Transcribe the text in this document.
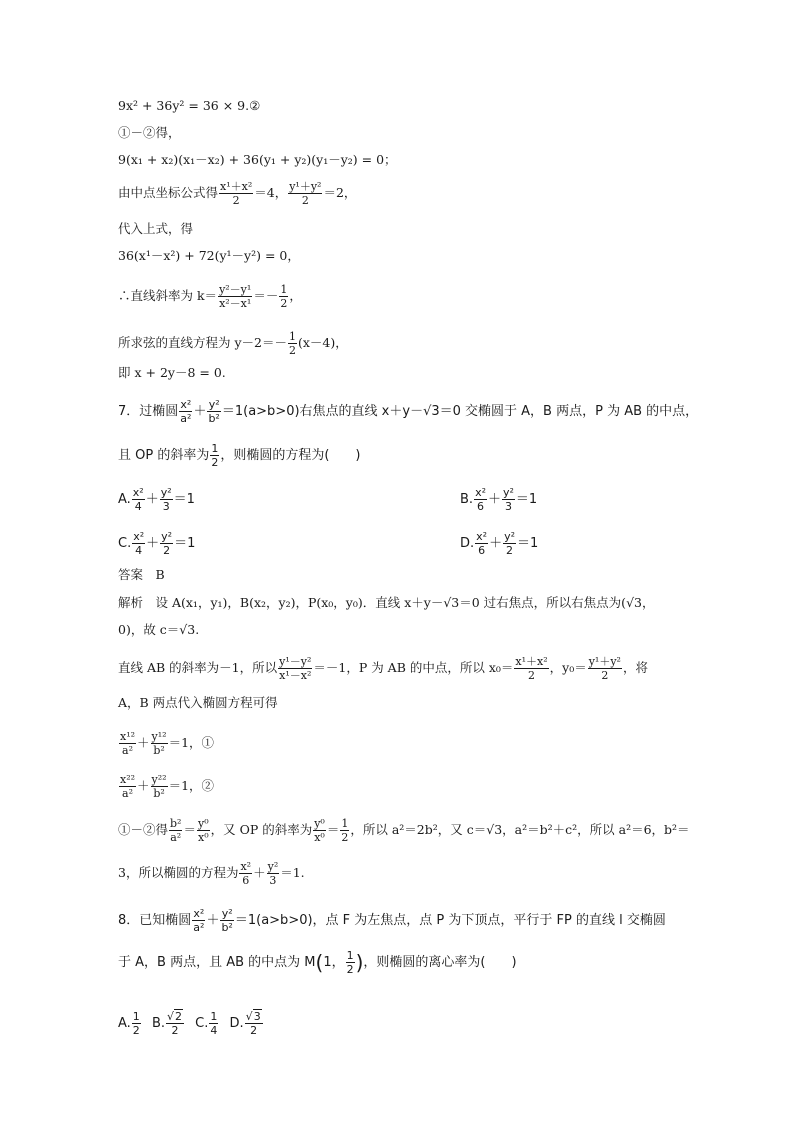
9x² + 36y² = 36 × 9.②
①－②得，
9(x₁ + x₂)(x₁－x₂) + 36(y₁ + y₂)(y₁－y₂) = 0；
由中点坐标公式得 $\frac{\text{x¹＋x²}}{2} =4$， $\frac{\text{y¹＋y²}}{2} =2$，
代入上式，得
36(x¹－x²) + 72(y¹－y²) = 0，
∴直线斜率为 $k= \frac{\text{y²－y¹}}{\text{x²－x¹}} =- \frac{1}{2}$ ，
所求弦的直线方程为 $y-2=- \frac{1}{2} (x-4)$，
即 x + 2y－8 = 0.
7．过椭圆 $\frac{\text{x²}}{\text{a²}} + \frac{\text{y²}}{\text{b²}} =1(a>b>0)$右焦点的直线 x＋y－√3＝0 交椭圆于 A，B 两点，P 为 AB 的中点，
且 OP 的斜率为 $\frac{1}{2}$ ，则椭圆的方程为(　　)
A. $\frac{\text{x²}}{4} + \frac{\text{y²}}{3} =1$	B. $\frac{\text{x²}}{6} + \frac{\text{y²}}{3} =1$
C. $\frac{\text{x²}}{4} + \frac{\text{y²}}{2} =1$	D. $\frac{\text{x²}}{6} + \frac{\text{y²}}{2} =1$
答案　B
解析　设 A(x₁，y₁)，B(x₂，y₂)，P(x₀，y₀)．直线 x＋y－√3＝0 过右焦点，所以右焦点为(√3，
0)，故 c＝√3.
直线 AB 的斜率为－1，所以 $\frac{\text{y¹－y²}}{\text{x¹－x²}} =-1$，P 为 AB 的中点，所以 $x_0= \frac{\text{x¹＋x²}}{2}$ ，$y_0= \frac{\text{y¹＋y²}}{2}$ ，将
A，B 两点代入椭圆方程可得
$\frac{\text{x¹²}}{\text{a²}} + \frac{\text{y¹²}}{\text{b²}} =1$，①
$\frac{\text{x²²}}{\text{a²}} + \frac{\text{y²²}}{\text{b²}} =1$，②
①－②得 $\frac{\text{b²}}{\text{a²}} = \frac{\text{y⁰}}{\text{x⁰}}$ ，又 OP 的斜率为 $\frac{\text{y⁰}}{\text{x⁰}} = \frac{1}{2}$ ，所以 a²＝2b²，又 c＝√3，a²＝b²＋c²，所以 a²＝6，b²＝
3，所以椭圆的方程为 $\frac{\text{x²}}{6} + \frac{\text{y²}}{3} =1$.
8．已知椭圆 $\frac{\text{x²}}{\text{a²}} + \frac{\text{y²}}{\text{b²}} =1(a>b>0)$，点 F 为左焦点，点 P 为下顶点，平行于 FP 的直线 l 交椭圆
于 A，B 两点，且 AB 的中点为 M(1， $\frac{1}{2}$ )，则椭圆的离心率为(　　)
A. $\frac{1}{2} B$. $\frac{√2}{2} C$. $\frac{1}{4} D$. $\frac{√3}{2}$
